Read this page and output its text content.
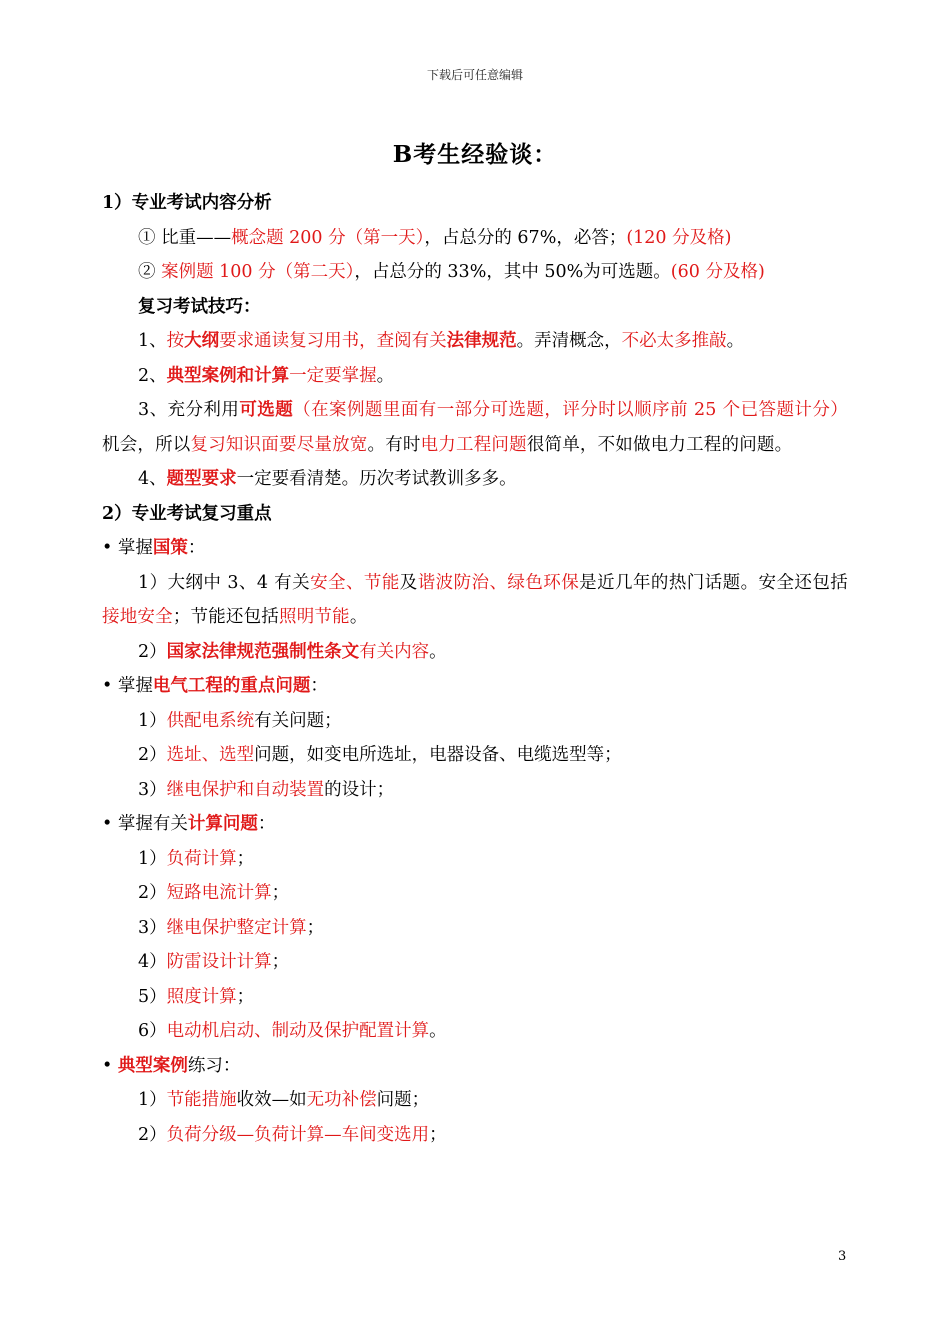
下载后可任意编辑
B考生经验谈：
1）专业考试内容分析
① 比重——概念题 200 分（第一天），占总分的 67%，必答；(120 分及格)
② 案例题 100 分（第二天），占总分的 33%，其中 50%为可选题。(60 分及格)
复习考试技巧：
1、按大纲要求通读复习用书，查阅有关法律规范。弄清概念，不必太多推敲。
2、典型案例和计算一定要掌握。
3、充分利用可选题（在案例题里面有一部分可选题，评分时以顺序前 25 个已答题计分）机会，所以复习知识面要尽量放宽。有时电力工程问题很简单，不如做电力工程的问题。
4、题型要求一定要看清楚。历次考试教训多多。
2）专业考试复习重点
• 掌握国策：
1）大纲中 3、4 有关安全、节能及谐波防治、绿色环保是近几年的热门话题。安全还包括接地安全；节能还包括照明节能。
2）国家法律规范强制性条文有关内容。
• 掌握电气工程的重点问题：
1）供配电系统有关问题；
2）选址、选型问题，如变电所选址，电器设备、电缆选型等；
3）继电保护和自动装置的设计；
• 掌握有关计算问题：
1）负荷计算；
2）短路电流计算；
3）继电保护整定计算；
4）防雷设计计算；
5）照度计算；
6）电动机启动、制动及保护配置计算。
• 典型案例练习：
1）节能措施收效—如无功补偿问题；
2）负荷分级—负荷计算—车间变选用；
3
